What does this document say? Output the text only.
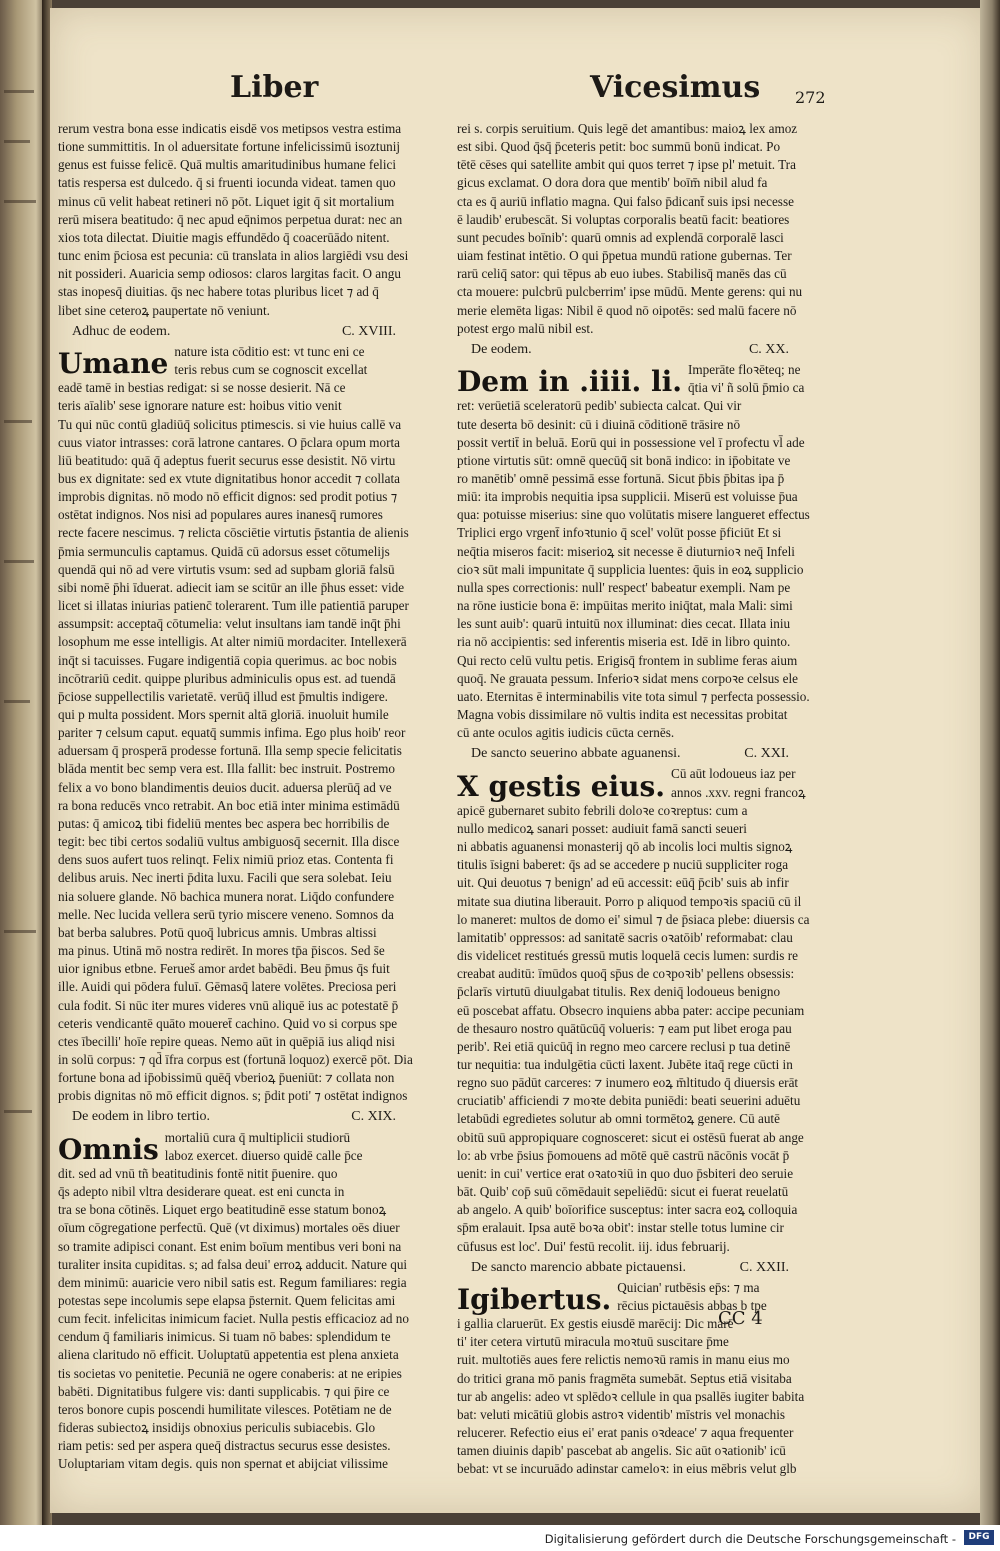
Liber	Vicesimus 272

rerum vestra bona esse indicatis eisdē vos metipsos vestra estima

tione summittitis. In ol aduersitate fortune infelicissimū isoztunij

genus est fuisse felicē. Quā multis amaritudinibus humane felici

tatis respersa est dulcedo. q̄ si fruenti iocunda videat. tamen quo

minus cū velit habeat retineri nō pōt. Liquet igit q̄ sit mortalium

rerū misera beatitudo: q̄ nec apud eq̄nimos perpetua durat: nec an

xios tota dilectat. Diuitie magis effundēdo q̄ coacerūādo nitent.

tunc enim p̄ciosa est pecunia: cū translata in alios largiēdi vsu desi

nit possideri. Auaricia semp odiosos: claros largitas facit. O angu

stas inopesq̄ diuitias. q̄s nec habere totas pluribus licet ⁊ ad q̄

libet sine ceteroꝝ paupertate nō veniunt.

Adhuc de eodem.	C. XVIII.
Umane nature ista cōditio est: vt tunc eni ce

teris rebus cum se cognoscit excellat

eadē tamē in bestias redigat: si se nosse desierit. Nā ce

teris aīalib' sese ignorare nature est: hoibus vitio venit

Tu qui nūc contū gladiūq̄ solicitus ptimescis. si vie huius callē va

cuus viator intrasses: corā latrone cantares. O p̄clara opum morta

liū beatitudo: quā q̄ adeptus fuerit securus esse desistit. Nō virtu

bus ex dignitate: sed ex vtute dignitatibus honor accedit ⁊ collata

improbis dignitas. nō modo nō efficit dignos: sed prodit potius ⁊

ostētat indignos. Nos nisi ad populares aures inanesq̄ rumores

recte facere nescimus. ⁊ relicta cōsciētie virtutis p̄stantia de alienis

p̄mia sermunculis captamus. Quidā cū adorsus esset cōtumelijs

quendā qui nō ad vere virtutis vsum: sed ad supbam gloriā falsū

sibi nomē p̄hi īduerat. adiecit iam se scitūr an ille p̄hus esset: vide

licet si illatas iniurias patienc̄ tolerarent. Tum ille patientiā paruper

assumpsit: acceptaq̄ cōtumelia: velut insultans iam tandē inq̄t p̄hi

losophum me esse intelligis. At alter nimiū mordaciter. Intellexerā

inq̄t si tacuisses. Fugare indigentiā copia querimus. ac boc nobis

incōtrariū cedit. quippe pluribus adminiculis opus est. ad tuendā

p̄ciose suppellectilis varietatē. verūq̄ illud est p̄multis indigere.

qui p multa possident. Mors spernit altā gloriā. inuoluit humile

pariter ⁊ celsum caput. equatq̄ summis infima. Ego plus hoib' reor

aduersam q̄ prosperā prodesse fortunā. Illa semp specie felicitatis

blāda mentit bec semp vera est. Illa fallit: bec instruit. Postremo

felix a vo bono blandimentis deuios ducit. aduersa plerūq̄ ad ve

ra bona reducēs vnco retrabit. An boc etiā inter minima estimādū

putas: q̄ amicoꝝ tibi fideliū mentes bec aspera bec horribilis de

tegit: bec tibi certos sodaliū vultus ambiguosq̄ secernit. Illa disce

dens suos aufert tuos relinqt. Felix nimiū prioz etas. Contenta fi

delibus aruis. Nec inerti p̄dita luxu. Facili que sera solebat. Ieiu

nia soluere glande. Nō bachica munera norat. Liq̄do confundere

melle. Nec lucida vellera serū tyrio miscere veneno. Somnos da

bat berba salubres. Potū quoq̄ lubricus amnis. Umbras altissi

ma pinus. Utinā mō nostra redirēt. In mores tp̄a p̄iscos. Sed s̄e

uior ignibus etbne. Ferueš amor ardet babēdi. Beu p̄mus q̄s fuit

ille. Auidi qui pōdera fuluī. Gēmasq̄ latere volētes. Preciosa peri

cula fodit. Si nūc iter mures videres vnū aliquē ius ac potestatē p̄

ceteris vendicantē quāto moueret̄ cachino. Quid vo si corpus spe

ctes ībecilli' hoīe repire queas. Nemo aūt in quēpiā ius aliqd nisi

in solū corpus: ⁊ qd̄ īfra corpus est (fortunā loquoz) exercē pōt. Dia

fortune bona ad ip̄obissimū quēq̄ vberioꝝ p̄ueniūt: ⁊ collata non

probis dignitas nō mō efficit dignos. s; p̄dit poti' ⁊ ostētat indignos

De eodem in libro tertio.	C. XIX.
Omnis mortaliū cura q̄ multiplicii studiorū

laboz exercet. diuerso quidē calle p̄ce

dit. sed ad vnū tñ beatitudinis fontē nitit p̄uenire. quo

q̄s adepto nibil vltra desiderare queat. est eni cuncta in

tra se bona cōtinēs. Liquet ergo beatitudinē esse statum bonoꝝ

oīum cōgregatione perfectū. Quē (vt diximus) mortales oēs diuer

so tramite adipisci conant. Est enim boīum mentibus veri boni na

turaliter insita cupiditas. s; ad falsa deui' erroꝝ adducit. Nature qui

dem minimū: auaricie vero nibil satis est. Regum familiares: regia

potestas sepe incolumis sepe elapsa p̄sternit. Quem felicitas ami

cum fecit. infelicitas inimicum faciet. Nulla pestis efficacioz ad no

cendum q̄ familiaris inimicus. Si tuam nō babes: splendidum te

aliena claritudo nō efficit. Uoluptatū appetentia est plena anxieta

tis societas vo penitetie. Pecuniā ne ogere conaberis: at ne eripies

babēti. Dignitatibus fulgere vis: danti supplicabis. ⁊ qui p̄ire ce

teros bonore cupis poscendi humilitate vilesces. Potētiam ne de

fideras subiectoꝝ insidijs obnoxius periculis subiacebis. Glo

riam petis: sed per aspera queq̄ distractus securus esse desistes.

Uoluptariam vitam degis. quis non spernat et abijciat vilissime

rei s. corpis seruitium. Quis legē det amantibus: maioꝝ lex amoz

est sibi. Quod q̄sq̄ p̄ceteris petit: boc summū bonū indicat. Po

tētē cēses qui satellite ambit qui quos terret ⁊ ipse pl' metuit. Tra

gicus exclamat. O dora dora que mentib' boīm̄ nibil alud fa

cta es q̄ auriū inflatio magna. Qui falso p̄dicant̄ suis ipsi necesse

ē laudib' erubescāt. Si voluptas corporalis beatū facit: beatiores

sunt pecudes boīnib': quarū omnis ad explendā corporalē lasci

uiam festinat intētio. O qui p̄petua mundū ratione gubernas. Ter

rarū celiq̄ sator: qui tēpus ab euo iubes. Stabilisq̄ manēs das cū

cta mouere: pulcbrū pulcberrim' ipse mūdū. Mente gerens: qui nu

merie elemēta ligas: Nibil ē quod nō oipotēs: sed malū facere nō

potest ergo malū nibil est.

De eodem.	C. XX.
Dem in .iiii. li. Imperāte floꝛēteq; ne

q̄tia vi' ñ solū p̄mio ca

ret: verūetiā sceleratorū pedib' subiecta calcat. Qui vir

tute deserta bō desinit: cū i diuinā cōditionē trāsire nō

possit vertit̄ in beluā. Eorū qui in possessione vel ī profectu vl̄ ade

ptione virtutis sūt: omnē quecūq̄ sit bonā indico: in ip̄obitate ve

ro manētib' omnē pessimā esse fortunā. Sicut p̄bis p̄bitas ipa p̄

miū: ita improbis nequitia ipsa supplicii. Miserū est voluisse p̄ua

qua: potuisse miserius: sine quo volūtatis misere langueret effectus

Triplici ergo vrgent̄ infoꝛtunio q̄ scel' volūt posse p̄ficiūt Et si

neq̄tia miseros facit: miserioꝝ sit necesse ē diuturnioꝛ neq̄ Infeli

cioꝛ sūt mali impunitate q̄ supplicia luentes: q̄uis in eoꝝ supplicio

nulla spes correctionis: null' respect' babeatur exempli. Nam pe

na rōne iusticie bona ē: impūitas merito iniq̄tat, mala Mali: simi

les sunt auib': quarū intuitū nox illuminat: dies cecat. Illata iniu

ria nō accipientis: sed inferentis miseria est. Idē in libro quinto.

Qui recto celū vultu petis. Erigisq̄ frontem in sublime feras aium

quoq̄. Ne grauata pessum. Inferioꝛ sidat mens corpoꝛe celsus ele

uato. Eternitas ē interminabilis vite tota simul ⁊ perfecta possessio.

Magna vobis dissimilare nō vultis indita est necessitas probitat

cū ante oculos agitis iudicis cūcta cernēs.

De sancto seuerino abbate aguanensi.	C. XXI.
X gestis eius. Cū aūt lodoueus iaz per

annos .xxv. regni francoꝝ

apicē gubernaret subito febrili doloꝛe coꝛreptus: cum a

nullo medicoꝝ sanari posset: audiuit famā sancti seueri

ni abbatis aguanensi monasterij qō ab incolis loci multis signoꝝ

titulis īsigni baberet: q̄s ad se accedere p nuciū suppliciter roga

uit. Qui deuotus ⁊ benign' ad eū accessit: eūq̄ p̄cib' suis ab infir

mitate sua diutina liberauit. Porro p aliquod tempoꝛis spaciū cū il

lo maneret: multos de domo ei' simul ⁊ de p̄siaca plebe: diuersis ca

lamitatib' oppressos: ad sanitatē sacris oꝛatōib' reformabat: clau

dis videlicet restitués gressū mutis loquelā cecis lumen: surdis re

creabat auditū: īmūdos quoq̄ sp̄us de coꝛpoꝛib' pellens obsessis:

p̄clarīs virtutū diuulgabat titulis. Rex deniq̄ lodoueus benigno

eū poscebat affatu. Obsecro inquiens abba pater: accipe pecuniam

de thesauro nostro quātūcūq̄ volueris: ⁊ eam put libet eroga pau

perib'. Rei etiā quicūq̄ in regno meo carcere reclusi p tua detinē

tur nequitia: tua indulgētia cūcti laxent. Jubēte itaq̄ rege cūcti in

regno suo pādūt carceres: ⁊ inumero eoꝝ m̄ltitudo q̄ diuersis erāt

cruciatib' afficiendi ⁊ moꝛte debita puniēdi: beati seuerini aduētu

letabūdi egredietes solutur ab omni tormētoꝝ genere. Cū autē

obitū suū appropiquare cognosceret: sicut ei ostēsū fuerat ab ange

lo: ab vrbe p̄sius p̄omouens ad mōtē quē castrū nācōnis vocāt p̄

uenit: in cui' vertice erat oꝛatoꝛiū in quo duo p̄sbiteri deo seruie

bāt. Quib' cop̄ suū cōmēdauit sepeliēdū: sicut ei fuerat reuelatū

ab angelo. A quib' boīorifice susceptus: inter sacra eoꝝ colloquia

sp̄m eralauit. Ipsa autē boꝛa obit': instar stelle totus lumine cir

cūfusus est loc'. Dui' festū recolit. iij. idus februarij.

De sancto marencio abbate pictauensi.	C. XXII.
Igibertus. Quician' rutbēsis ep̄s: ⁊ ma

rēcius pictauēsis abbas b tpe

i gallia claruerūt. Ex gestis eiusdē marēcij: Dic marē

ti' iter cetera virtutū miracula moꝛtuū suscitare p̄me

ruit. multotiēs aues fere relictis nemoꝛū ramis in manu eius mo

do tritici grana mō panis fragmēta sumebāt. Septus etiā visitaba

tur ab angelis: adeo vt splēdoꝛ cellule in qua psallēs iugiter babita

bat: veluti micātiū globis astroꝛ videntib' mīstris vel monachis

relucerer. Refectio eius ei' erat panis oꝛdeace' ⁊ aqua frequenter

tamen diuinis dapib' pascebat ab angelis. Sic aūt oꝛationib' icū

bebat: vt se incuruādo adinstar cameloꝛ: in eius mēbris velut glb

CC 4
Digitalisierung gefördert durch die Deutsche Forschungsgemeinschaft -	DFG
